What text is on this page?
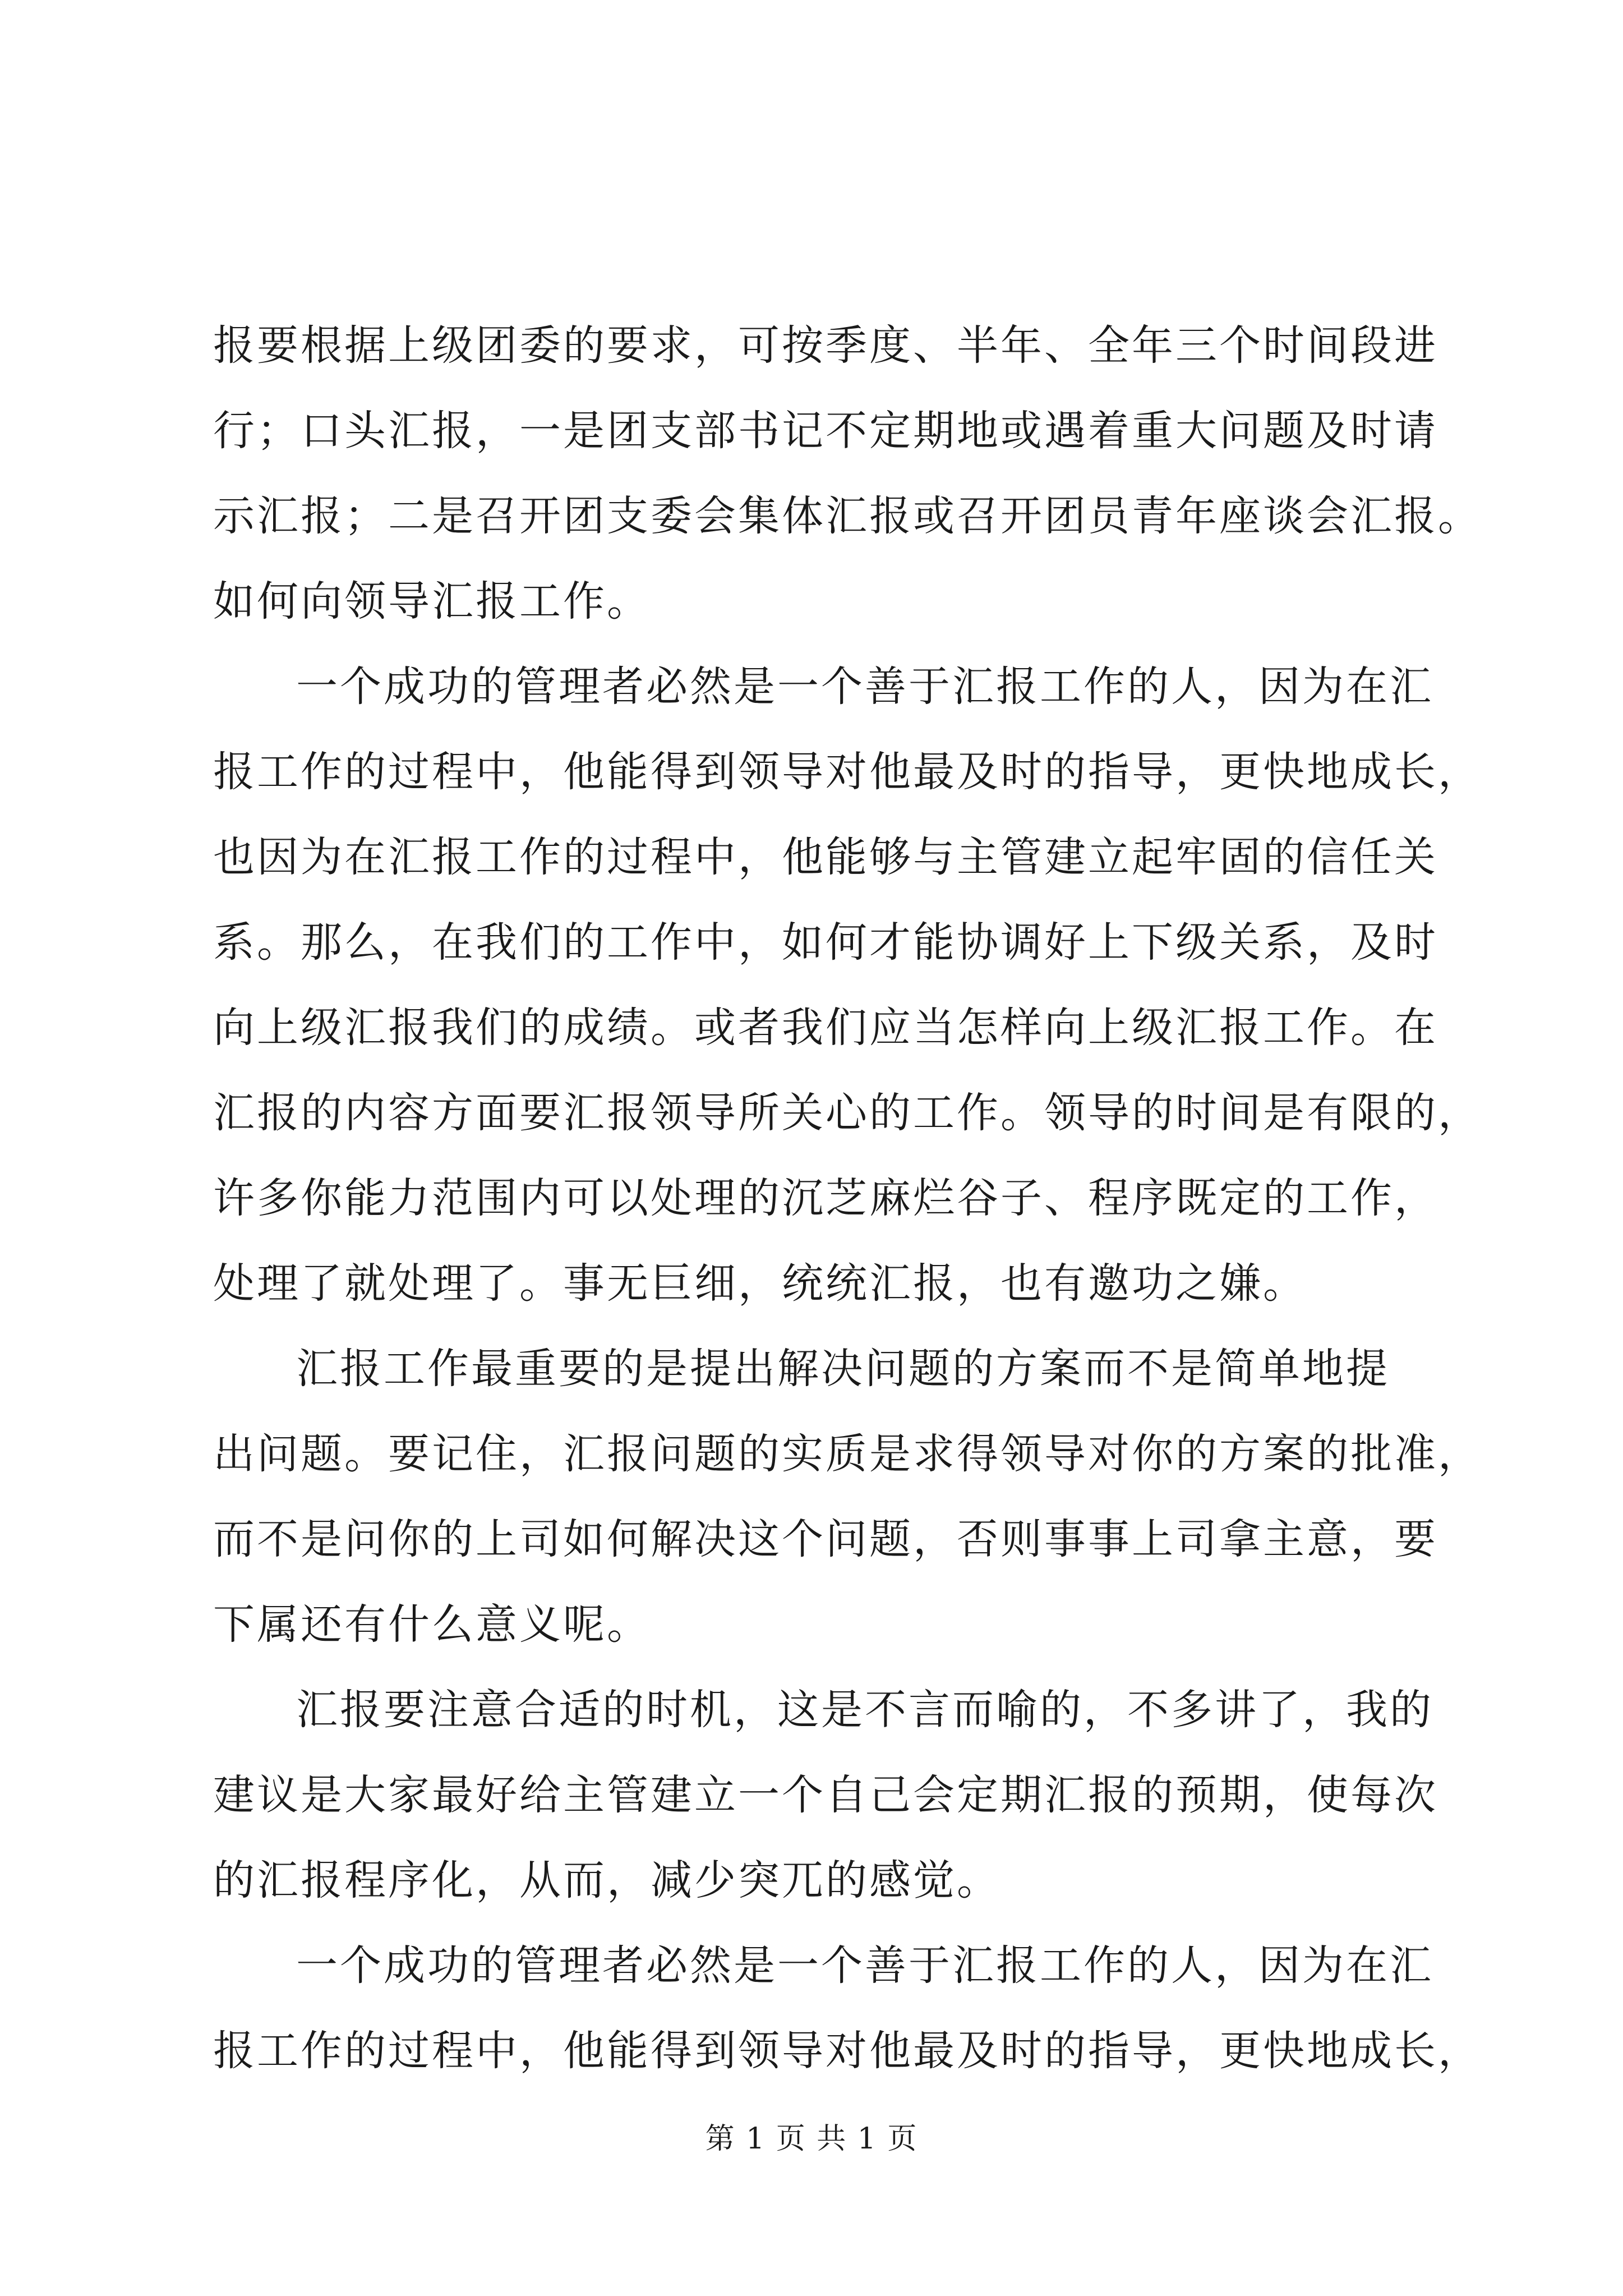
报要根据上级团委的要求，可按季度、半年、全年三个时间段进
行；口头汇报，一是团支部书记不定期地或遇着重大问题及时请
示汇报；二是召开团支委会集体汇报或召开团员青年座谈会汇报。
如何向领导汇报工作。
一个成功的管理者必然是一个善于汇报工作的人，因为在汇
报工作的过程中，他能得到领导对他最及时的指导，更快地成长，
也因为在汇报工作的过程中，他能够与主管建立起牢固的信任关
系。那么，在我们的工作中，如何才能协调好上下级关系，及时
向上级汇报我们的成绩。或者我们应当怎样向上级汇报工作。在
汇报的内容方面要汇报领导所关心的工作。领导的时间是有限的，
许多你能力范围内可以处理的沉芝麻烂谷子、程序既定的工作，
处理了就处理了。事无巨细，统统汇报，也有邀功之嫌。
汇报工作最重要的是提出解决问题的方案而不是简单地提
出问题。要记住，汇报问题的实质是求得领导对你的方案的批准，
而不是问你的上司如何解决这个问题，否则事事上司拿主意，要
下属还有什么意义呢。
汇报要注意合适的时机，这是不言而喻的，不多讲了，我的
建议是大家最好给主管建立一个自己会定期汇报的预期，使每次
的汇报程序化，从而，减少突兀的感觉。
一个成功的管理者必然是一个善于汇报工作的人，因为在汇
报工作的过程中，他能得到领导对他最及时的指导，更快地成长，
第 1 页 共 1 页
